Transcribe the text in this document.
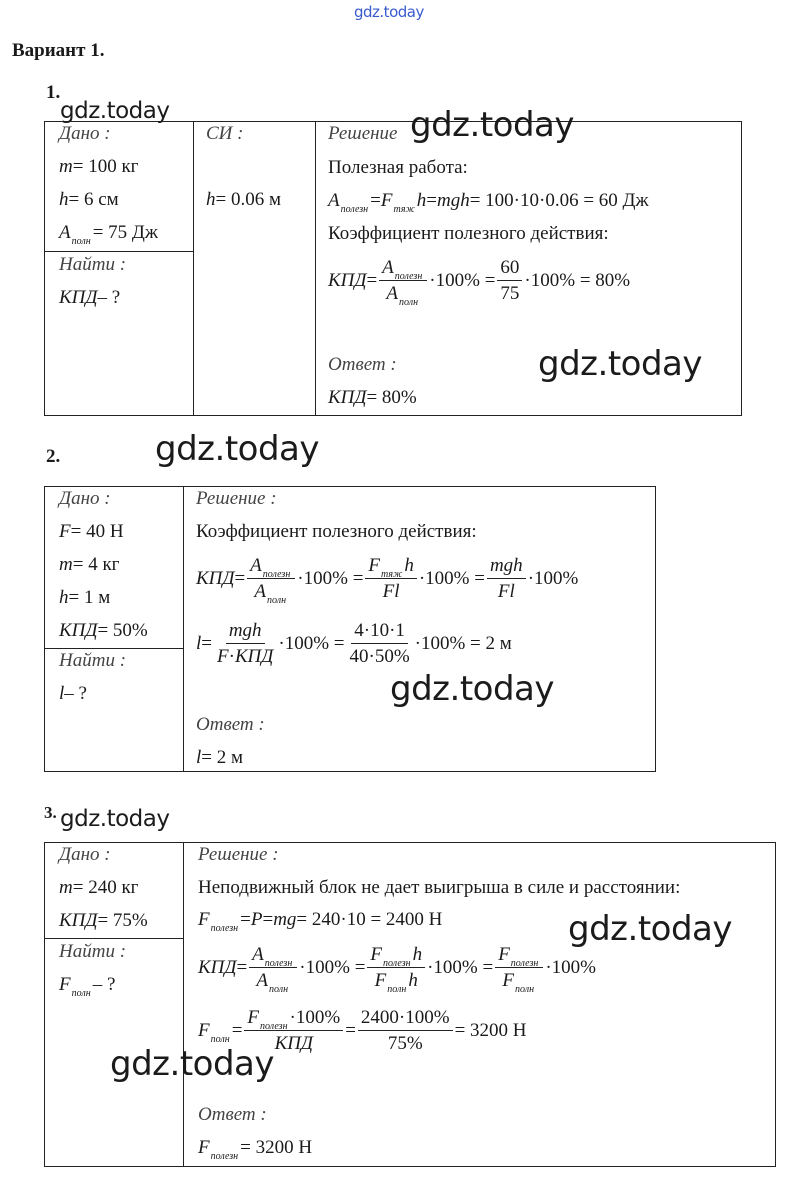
gdz.today
Вариант 1.
1.
Дано :
m = 100 кг
h = 6 см
$A_{полн} = 75$ Дж
Найти :
КПД – ?
СИ :
h = 0.06 м
Решение
Полезная работа:
$A_{полезн} = F_{тяж}$ h = mgh = 100·10·0.06 = 60 Дж
Коэффициент полезного действия:
КПД = $\frac{A_{полезн}}{A_{полн}} \cdot 100\% = \frac{60}{75} \cdot 100\% = 80\%$
Ответ :
КПД = 80%
2.
Дано :
F = 40 Н
m = 4 кг
h = 1 м
КПД = 50%
Найти :
l – ?
Решение :
Коэффициент полезного действия:
КПД = $\frac{A_{полезн}}{A_{полн}} \cdot 100\% = \frac{F_{тяж} h}{Fl} \cdot 100\% = \frac{\text{mgh}}{Fl} \cdot 100\%$
$l = \frac{\text{mgh}}{\text{F · КПД}} \cdot 100\% = \frac{4\cdot 10\cdot 1}{40\cdot 50\%} \cdot 100\% = 2$ м
Ответ :
l = 2 м
3.
Дано :
m = 240 кг
КПД = 75%
Найти :
$F_{полн}$ – ?
Решение :
Неподвижный блок не дает выигрыша в силе и расстоянии:
$F_{полезн} = P$ = mg = 240·10 = 2400 Н
КПД = $\frac{A_{полезн}}{A_{полн}} \cdot 100\% = \frac{F_{полезн} h}{F_{полн} h} \cdot 100\% = \frac{F_{полезн}}{F_{полн}} \cdot 100\%$
$F_{полн} = \frac{F_{полезн} \cdot 100\%}{\text{КПД}} = \frac{2400\cdot 100\%}{75\%} = 3200$ Н
Ответ :
$F_{полезн} = 3200$ Н
gdz.today	gdz.today
gdz.today
gdz.today
gdz.today
gdz.today
gdz.today
gdz.today
